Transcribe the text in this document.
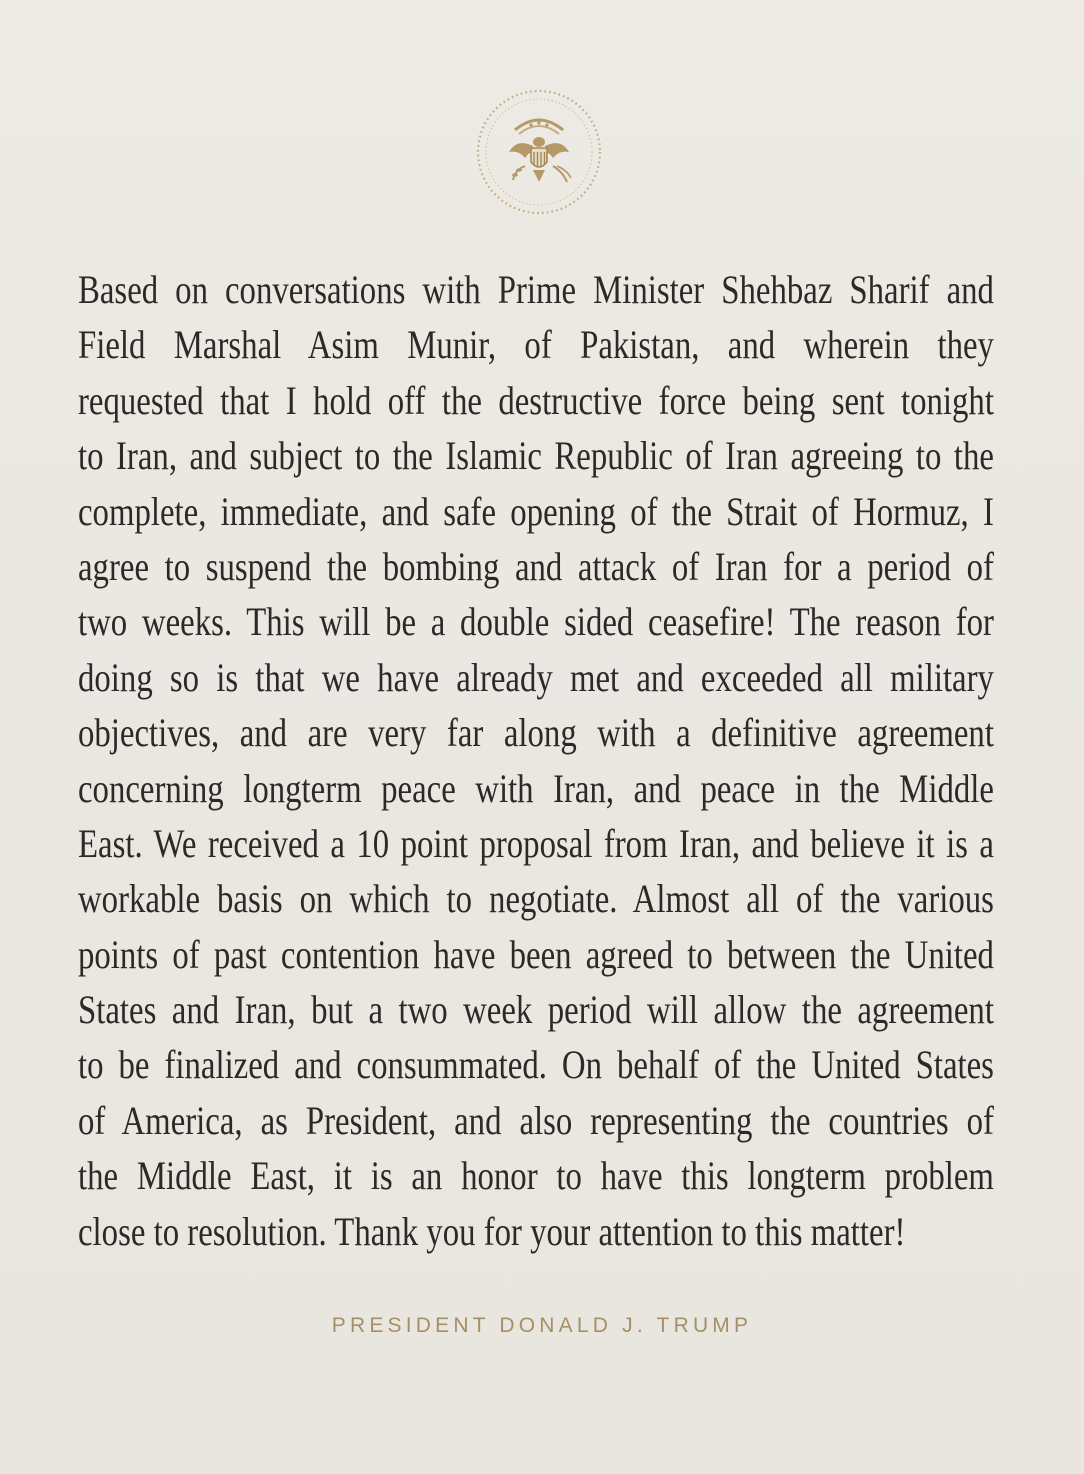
Based on conversations with Prime Minister Shehbaz Sharif and
Field Marshal Asim Munir, of Pakistan, and wherein they
requested that I hold off the destructive force being sent tonight
to Iran, and subject to the Islamic Republic of Iran agreeing to the
complete, immediate, and safe opening of the Strait of Hormuz, I
agree to suspend the bombing and attack of Iran for a period of
two weeks. This will be a double sided ceasefire! The reason for
doing so is that we have already met and exceeded all military
objectives, and are very far along with a definitive agreement
concerning longterm peace with Iran, and peace in the Middle
East. We received a 10 point proposal from Iran, and believe it is a
workable basis on which to negotiate. Almost all of the various
points of past contention have been agreed to between the United
States and Iran, but a two week period will allow the agreement
to be finalized and consummated. On behalf of the United States
of America, as President, and also representing the countries of
the Middle East, it is an honor to have this longterm problem
close to resolution. Thank you for your attention to this matter!
PRESIDENT DONALD J. TRUMP
